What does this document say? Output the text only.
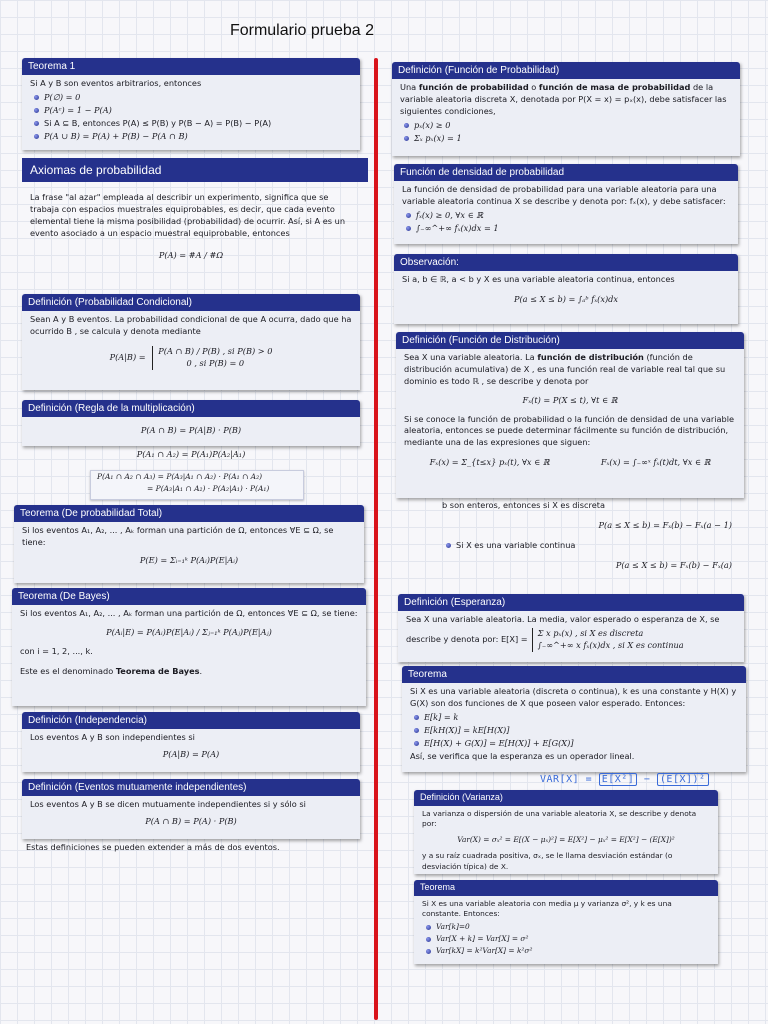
Formulario prueba 2
Teorema 1

Si A y B son eventos arbitrarios, entonces

P(∅) = 0
P(Aᶜ) = 1 − P(A)
Si A ⊆ B, entonces P(A) ≤ P(B) y P(B − A) = P(B) − P(A)
P(A ∪ B) = P(A) + P(B) − P(A ∩ B)
Axiomas de probabilidad

La frase "al azar" empleada al describir un experimento, significa que se trabaja con espacios muestrales equiprobables, es decir, que cada evento elemental tiene la misma posibilidad (probabilidad) de ocurrir. Así, si A es un evento asociado a un espacio muestral equiprobable, entonces

P(A) = #A / #Ω
Definición (Probabilidad Condicional)

Sean A y B eventos. La probabilidad condicional de que A ocurra, dado que ha ocurrido B , se calcula y denota mediante

P(A|B) =
P(A ∩ B) / P(B) , si P(B) > 0
0 , si P(B) = 0
Definición (Regla de la multiplicación)
P(A ∩ B) = P(A|B) · P(B)
P(A₁ ∩ A₂) = P(A₁)P(A₂|A₁)
P(A₁ ∩ A₂ ∩ A₃) = P(A₃|A₁ ∩ A₂) · P(A₁ ∩ A₂)
= P(A₃|A₁ ∩ A₂) · P(A₂|A₁) · P(A₁)
Teorema (De probabilidad Total)

Si los eventos A₁, A₂, ... , Aₖ forman una partición de Ω, entonces ∀E ⊆ Ω, se tiene:

P(E) = Σᵢ₌₁ᵏ P(Aᵢ)P(E|Aᵢ)
Teorema (De Bayes)

Si los eventos A₁, A₂, ... , Aₖ forman una partición de Ω, entonces ∀E ⊆ Ω, se tiene:

P(Aᵢ|E) = P(Aᵢ)P(E|Aᵢ) / Σⱼ₌₁ᵏ P(Aⱼ)P(E|Aⱼ)

con i = 1, 2, ..., k.

Este es el denominado Teorema de Bayes.

Definición (Independencia)

Los eventos A y B son independientes si

P(A|B) = P(A)
Definición (Eventos mutuamente independientes)

Los eventos A y B se dicen mutuamente independientes si y sólo si

P(A ∩ B) = P(A) · P(B)
Estas definiciones se pueden extender a más de dos eventos.
Definición (Función de Probabilidad)

Una función de probabilidad o función de masa de probabilidad de la variable aleatoria discreta X, denotada por P(X = x) = pₓ(x), debe satisfacer las siguientes condiciones,

pₓ(x) ≥ 0
Σₓ pₓ(x) = 1
Función de densidad de probabilidad

La función de densidad de probabilidad para una variable aleatoria para una variable aleatoria continua X se describe y denota por: fₓ(x), y debe satisfacer:

fₓ(x) ≥ 0, ∀x ∈ ℝ
∫₋∞^+∞ fₓ(x)dx = 1
Observación:

Si a, b ∈ ℝ, a < b y X es una variable aleatoria continua, entonces

P(a ≤ X ≤ b) = ∫ₐᵇ fₓ(x)dx
Definición (Función de Distribución)

Sea X una variable aleatoria. La función de distribución (función de distribución acumulativa) de X , es una función real de variable real tal que su dominio es todo ℝ , se describe y denota por

Fₓ(t) = P(X ≤ t), ∀t ∈ ℝ

Si se conoce la función de probabilidad o la función de densidad de una variable aleatoria, entonces se puede determinar fácilmente su función de distribución, mediante una de las expresiones que siguen:

Fₓ(x) = Σ_{t≤x} pₓ(t), ∀x ∈ ℝ	Fₓ(x) = ∫₋∞ˣ fₓ(t)dt, ∀x ∈ ℝ

b son enteros, entonces si X es discreta

P(a ≤ X ≤ b) = Fₓ(b) − Fₓ(a − 1)
Si X es una variable continua
P(a ≤ X ≤ b) = Fₓ(b) − Fₓ(a)
Definición (Esperanza)

Sea X una variable aleatoria. La media, valor esperado o esperanza de X, se

describe y denota por: E[X] =
Σ x pₓ(x) , si X es discreta
∫₋∞^+∞ x fₓ(x)dx , si X es continua
Teorema

Si X es una variable aleatoria (discreta o continua), k es una constante y H(X) y G(X) son dos funciones de X que poseen valor esperado. Entonces:

E[k] = k
E[kH(X)] = kE[H(X)]
E[H(X) + G(X)] = E[H(X)] + E[G(X)]

Así, se verifica que la esperanza es un operador lineal.

VAR[X] = E[X²] − (E[X])²
Definición (Varianza)

La varianza o dispersión de una variable aleatoria X, se describe y denota por:

Var(X) = σₓ² = E[(X − μₓ)²] = E[X²] − μₓ² = E[X²] − (E[X])²

y a su raíz cuadrada positiva, σₓ, se le llama desviación estándar (o desviación típica) de X.

Teorema

Si X es una variable aleatoria con media μ y varianza σ², y k es una constante. Entonces:

Var[k]=0
Var[X + k] = Var[X] = σ²
Var[kX] = k²Var[X] = k²σ²
